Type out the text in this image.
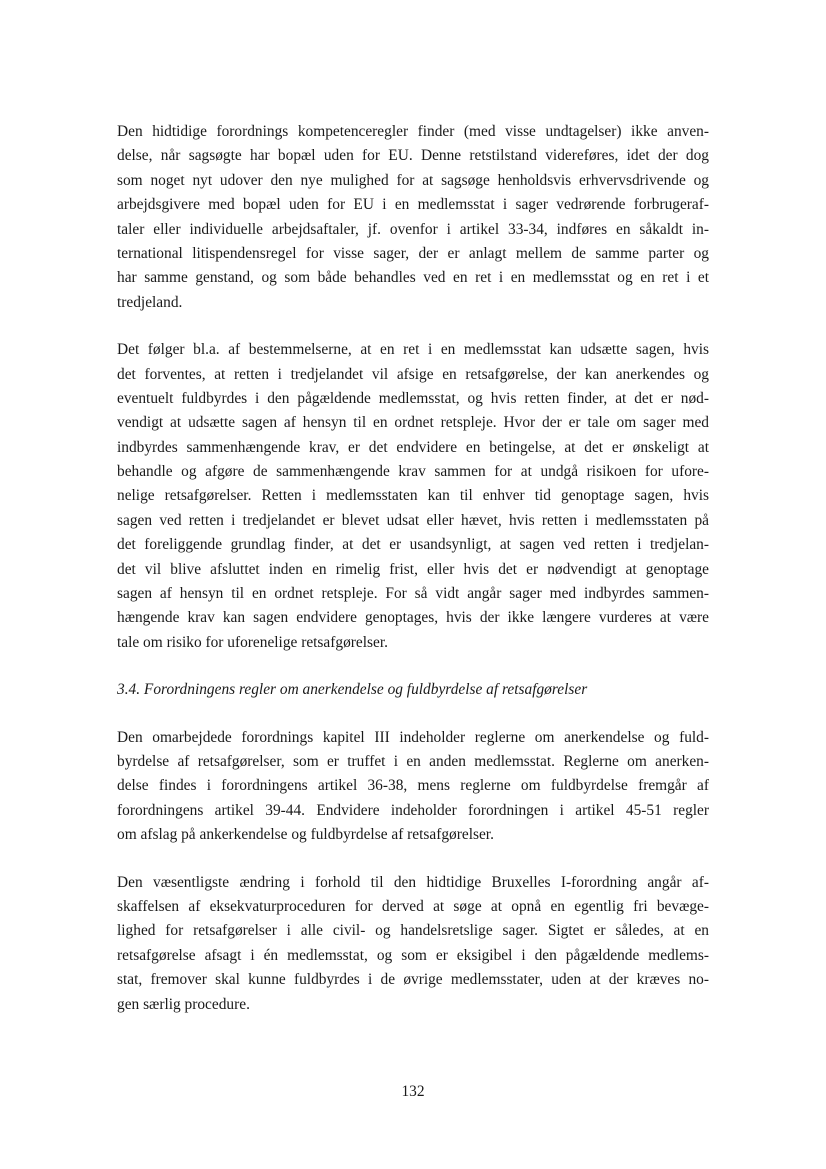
Den hidtidige forordnings kompetenceregler finder (med visse undtagelser) ikke anven-
delse, når sagsøgte har bopæl uden for EU. Denne retstilstand videreføres, idet der dog
som noget nyt udover den nye mulighed for at sagsøge henholdsvis erhvervsdrivende og
arbejdsgivere med bopæl uden for EU i en medlemsstat i sager vedrørende forbrugeraf-
taler eller individuelle arbejdsaftaler, jf. ovenfor i artikel 33-34, indføres en såkaldt in-
ternational litispendensregel for visse sager, der er anlagt mellem de samme parter og
har samme genstand, og som både behandles ved en ret i en medlemsstat og en ret i et
tredjeland.
Det følger bl.a. af bestemmelserne, at en ret i en medlemsstat kan udsætte sagen, hvis
det forventes, at retten i tredjelandet vil afsige en retsafgørelse, der kan anerkendes og
eventuelt fuldbyrdes i den pågældende medlemsstat, og hvis retten finder, at det er nød-
vendigt at udsætte sagen af hensyn til en ordnet retspleje. Hvor der er tale om sager med
indbyrdes sammenhængende krav, er det endvidere en betingelse, at det er ønskeligt at
behandle og afgøre de sammenhængende krav sammen for at undgå risikoen for ufore-
nelige retsafgørelser. Retten i medlemsstaten kan til enhver tid genoptage sagen, hvis
sagen ved retten i tredjelandet er blevet udsat eller hævet, hvis retten i medlemsstaten på
det foreliggende grundlag finder, at det er usandsynligt, at sagen ved retten i tredjelan-
det vil blive afsluttet inden en rimelig frist, eller hvis det er nødvendigt at genoptage
sagen af hensyn til en ordnet retspleje. For så vidt angår sager med indbyrdes sammen-
hængende krav kan sagen endvidere genoptages, hvis der ikke længere vurderes at være
tale om risiko for uforenelige retsafgørelser.
3.4. Forordningens regler om anerkendelse og fuldbyrdelse af retsafgørelser
Den omarbejdede forordnings kapitel III indeholder reglerne om anerkendelse og fuld-
byrdelse af retsafgørelser, som er truffet i en anden medlemsstat. Reglerne om anerken-
delse findes i forordningens artikel 36-38, mens reglerne om fuldbyrdelse fremgår af
forordningens artikel 39-44. Endvidere indeholder forordningen i artikel 45-51 regler
om afslag på ankerkendelse og fuldbyrdelse af retsafgørelser.
Den væsentligste ændring i forhold til den hidtidige Bruxelles I-forordning angår af-
skaffelsen af eksekvaturproceduren for derved at søge at opnå en egentlig fri bevæge-
lighed for retsafgørelser i alle civil- og handelsretslige sager. Sigtet er således, at en
retsafgørelse afsagt i én medlemsstat, og som er eksigibel i den pågældende medlems-
stat, fremover skal kunne fuldbyrdes i de øvrige medlemsstater, uden at der kræves no-
gen særlig procedure.
132
